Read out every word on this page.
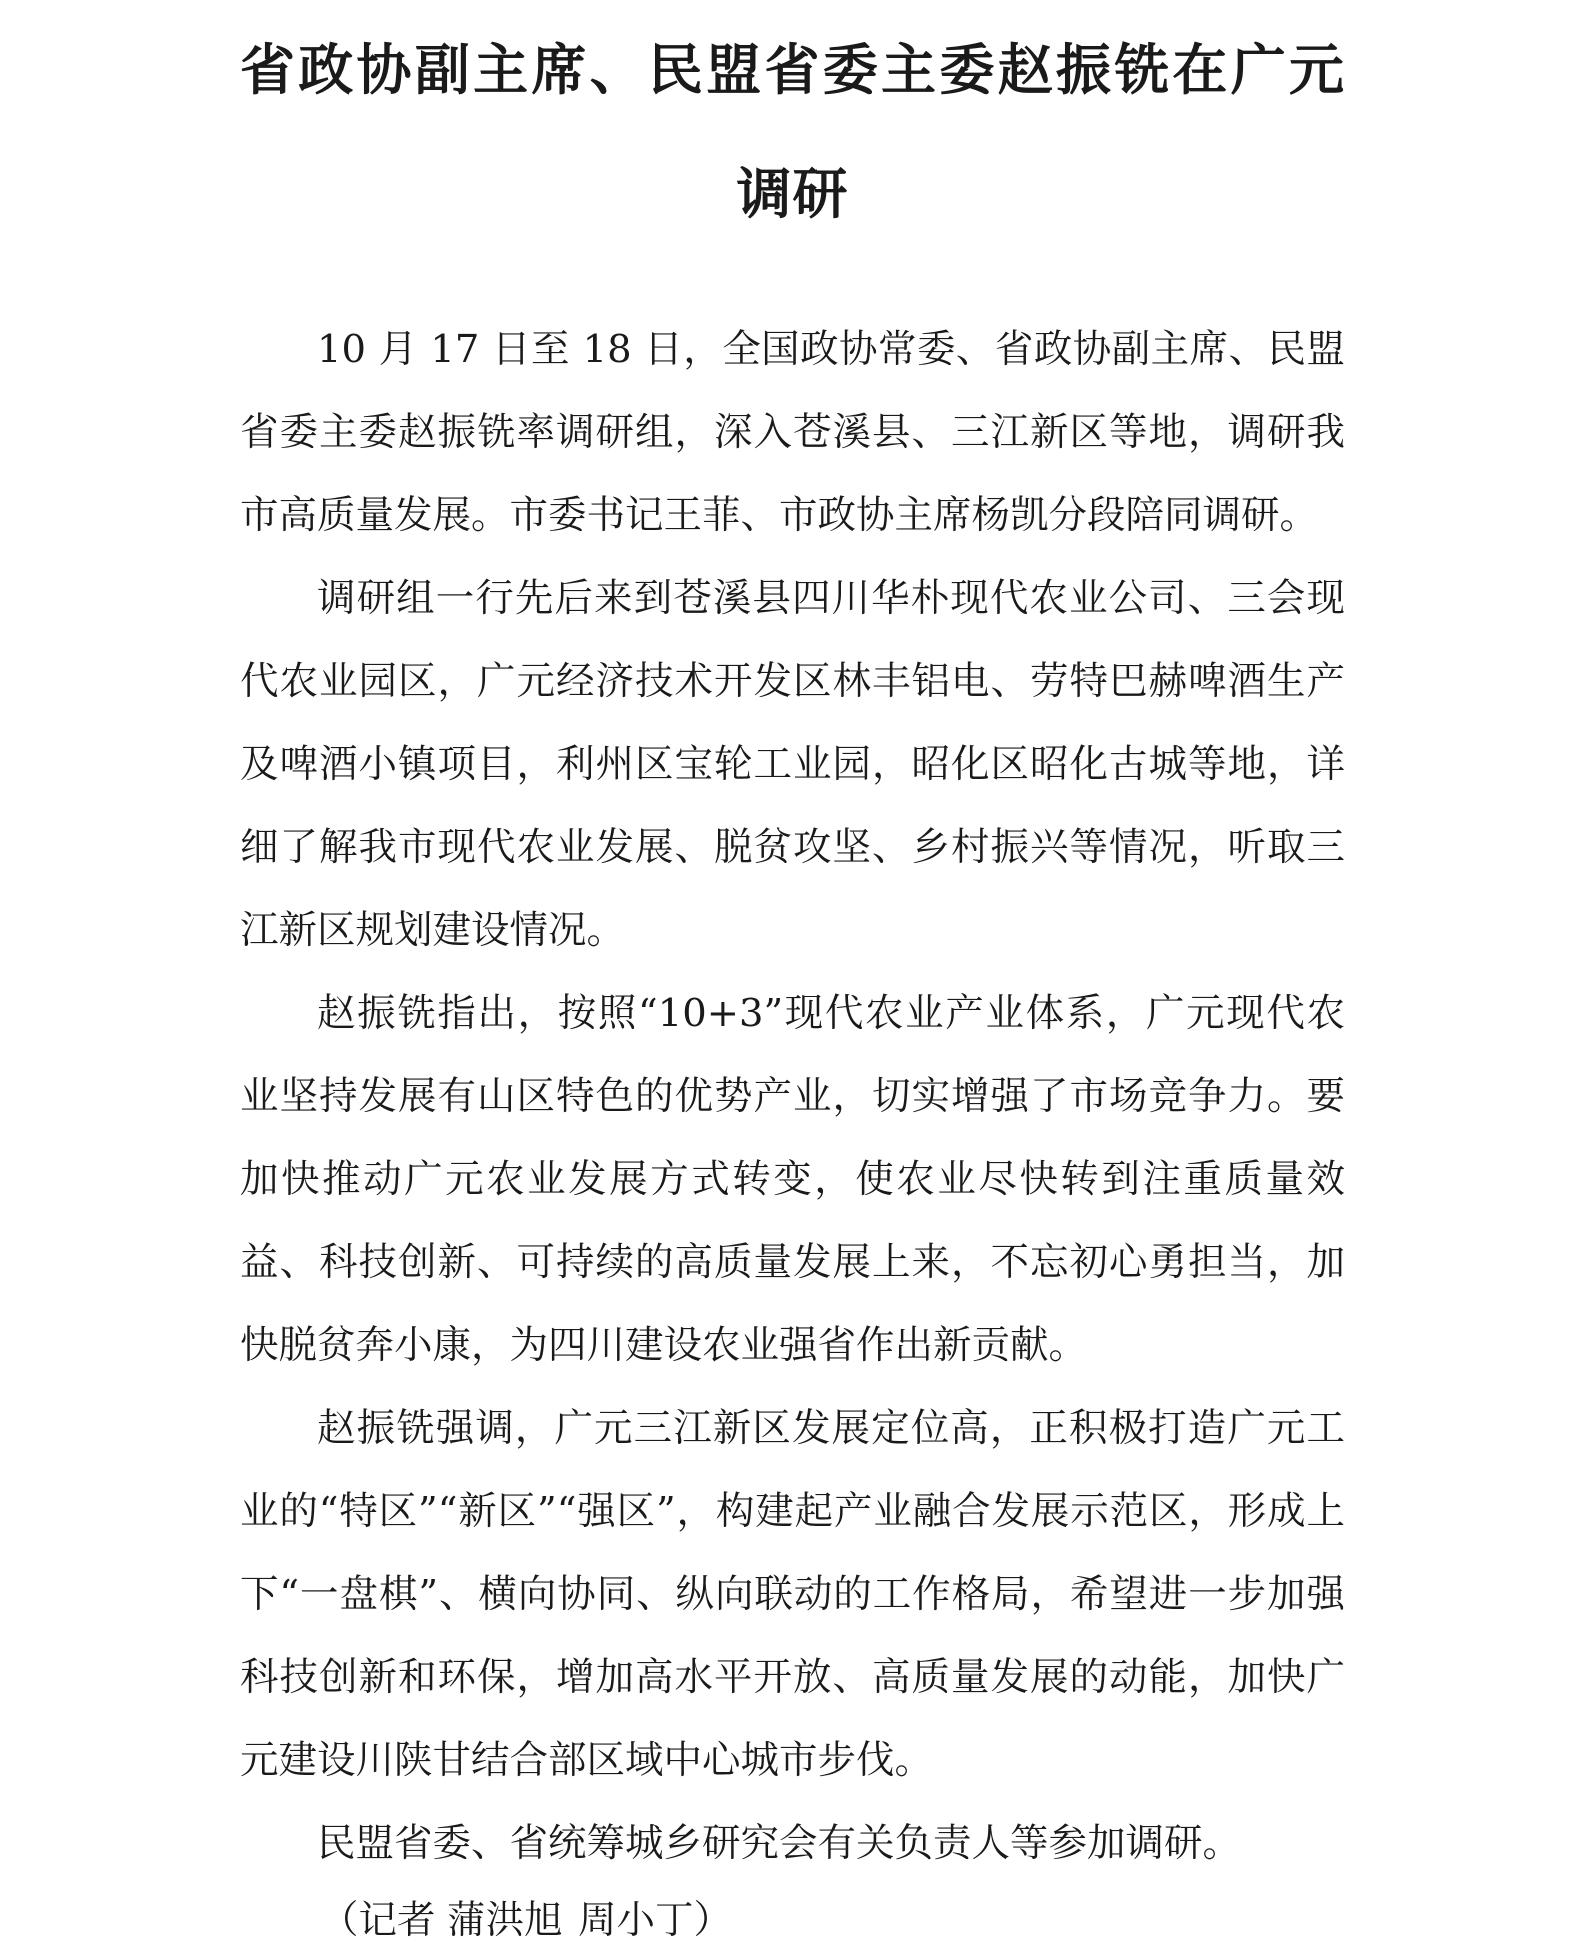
省政协副主席、民盟省委主委赵振铣在广元调研

10 月 17 日至 18 日，全国政协常委、省政协副主席、民盟省委主委赵振铣率调研组，深入苍溪县、三江新区等地，调研我市高质量发展。市委书记王菲、市政协主席杨凯分段陪同调研。

调研组一行先后来到苍溪县四川华朴现代农业公司、三会现代农业园区，广元经济技术开发区林丰铝电、劳特巴赫啤酒生产及啤酒小镇项目，利州区宝轮工业园，昭化区昭化古城等地，详细了解我市现代农业发展、脱贫攻坚、乡村振兴等情况，听取三江新区规划建设情况。

赵振铣指出，按照“10+3”现代农业产业体系，广元现代农业坚持发展有山区特色的优势产业，切实增强了市场竞争力。要加快推动广元农业发展方式转变，使农业尽快转到注重质量效益、科技创新、可持续的高质量发展上来，不忘初心勇担当，加快脱贫奔小康，为四川建设农业强省作出新贡献。

赵振铣强调，广元三江新区发展定位高，正积极打造广元工业的“特区”“新区”“强区”，构建起产业融合发展示范区，形成上下“一盘棋”、横向协同、纵向联动的工作格局，希望进一步加强科技创新和环保，增加高水平开放、高质量发展的动能，加快广元建设川陕甘结合部区域中心城市步伐。

民盟省委、省统筹城乡研究会有关负责人等参加调研。

（记者 蒲洪旭 周小丁）
